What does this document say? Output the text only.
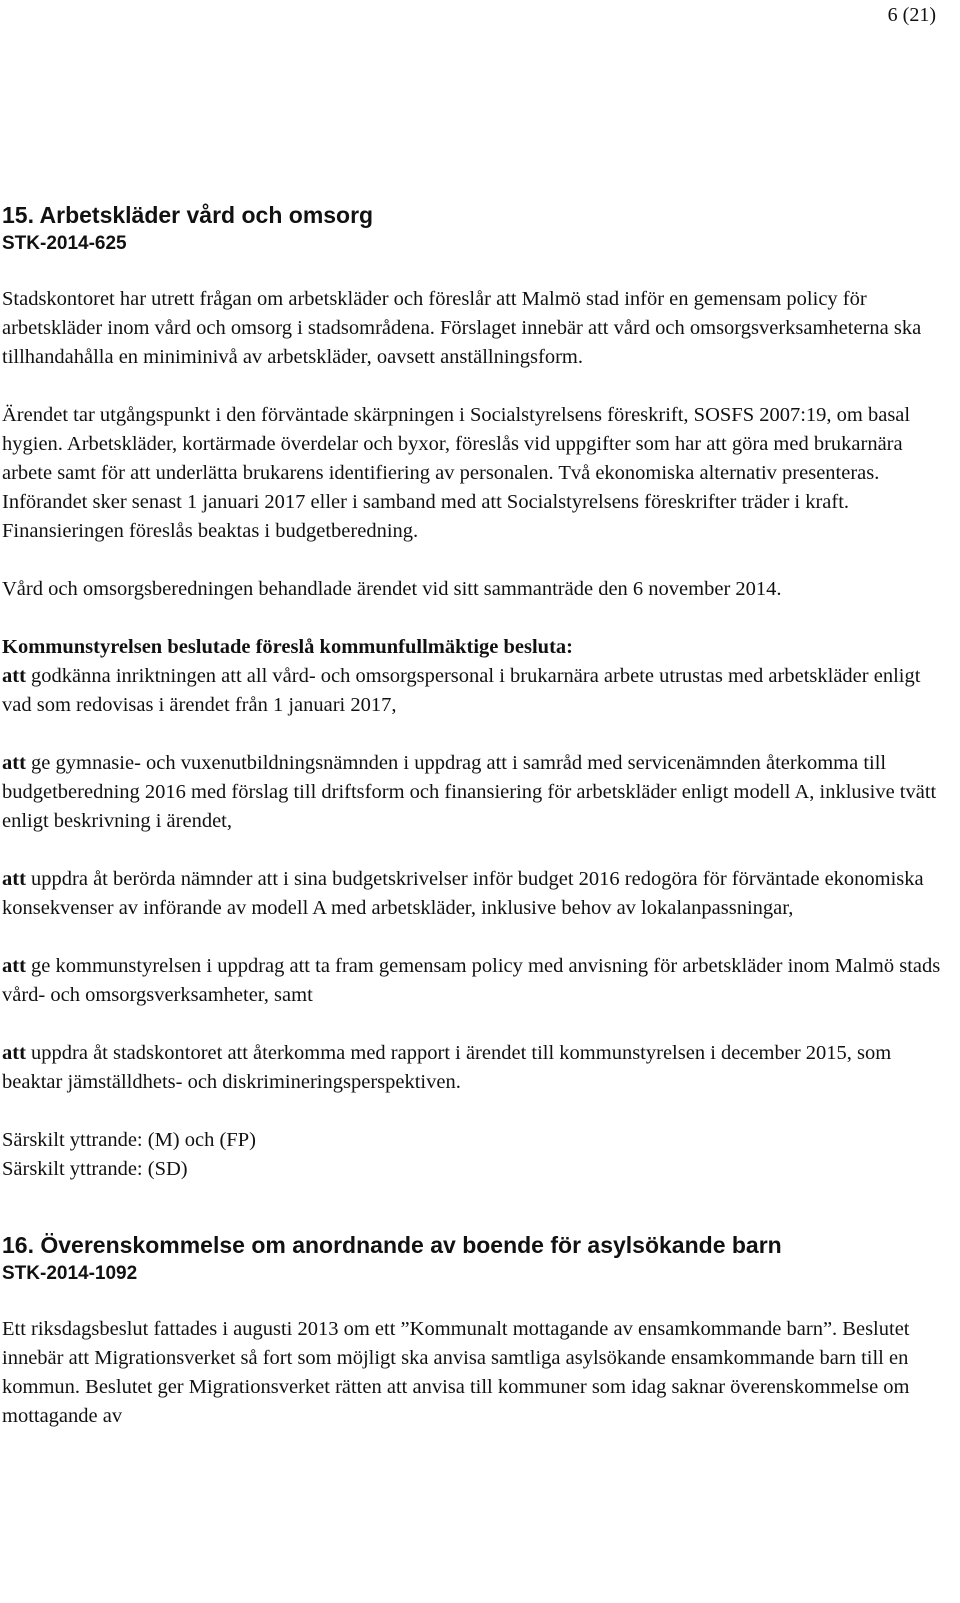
6 (21)
15. Arbetskläder vård och omsorg
STK-2014-625

Stadskontoret har utrett frågan om arbetskläder och föreslår att Malmö stad inför en gemensam policy för arbetskläder inom vård och omsorg i stadsområdena. Förslaget innebär att vård och omsorgsverksamheterna ska tillhandahålla en miniminivå av arbetskläder, oavsett anställningsform.

Ärendet tar utgångspunkt i den förväntade skärpningen i Socialstyrelsens föreskrift, SOSFS 2007:19, om basal hygien. Arbetskläder, kortärmade överdelar och byxor, föreslås vid uppgifter som har att göra med brukarnära arbete samt för att underlätta brukarens identifiering av personalen. Två ekonomiska alternativ presenteras. Införandet sker senast 1 januari 2017 eller i samband med att Socialstyrelsens föreskrifter träder i kraft. Finansieringen föreslås beaktas i budgetberedning.

Vård och omsorgsberedningen behandlade ärendet vid sitt sammanträde den 6 november 2014.

Kommunstyrelsen beslutade föreslå kommunfullmäktige besluta:

att godkänna inriktningen att all vård- och omsorgspersonal i brukarnära arbete utrustas med arbetskläder enligt vad som redovisas i ärendet från 1 januari 2017,

att ge gymnasie- och vuxenutbildningsnämnden i uppdrag att i samråd med servicenämnden återkomma till budgetberedning 2016 med förslag till driftsform och finansiering för arbetskläder enligt modell A, inklusive tvätt enligt beskrivning i ärendet,

att uppdra åt berörda nämnder att i sina budgetskrivelser inför budget 2016 redogöra för förväntade ekonomiska konsekvenser av införande av modell A med arbetskläder, inklusive behov av lokalanpassningar,

att ge kommunstyrelsen i uppdrag att ta fram gemensam policy med anvisning för arbetskläder inom Malmö stads vård- och omsorgsverksamheter, samt

att uppdra åt stadskontoret att återkomma med rapport i ärendet till kommunstyrelsen i december 2015, som beaktar jämställdhets- och diskrimineringsperspektiven.

Särskilt yttrande: (M) och (FP)
Särskilt yttrande: (SD)
16. Överenskommelse om anordnande av boende för asylsökande barn
STK-2014-1092

Ett riksdagsbeslut fattades i augusti 2013 om ett ”Kommunalt mottagande av ensamkommande barn”. Beslutet innebär att Migrationsverket så fort som möjligt ska anvisa samtliga asylsökande ensamkommande barn till en kommun. Beslutet ger Migrationsverket rätten att anvisa till kommuner som idag saknar överenskommelse om mottagande av
